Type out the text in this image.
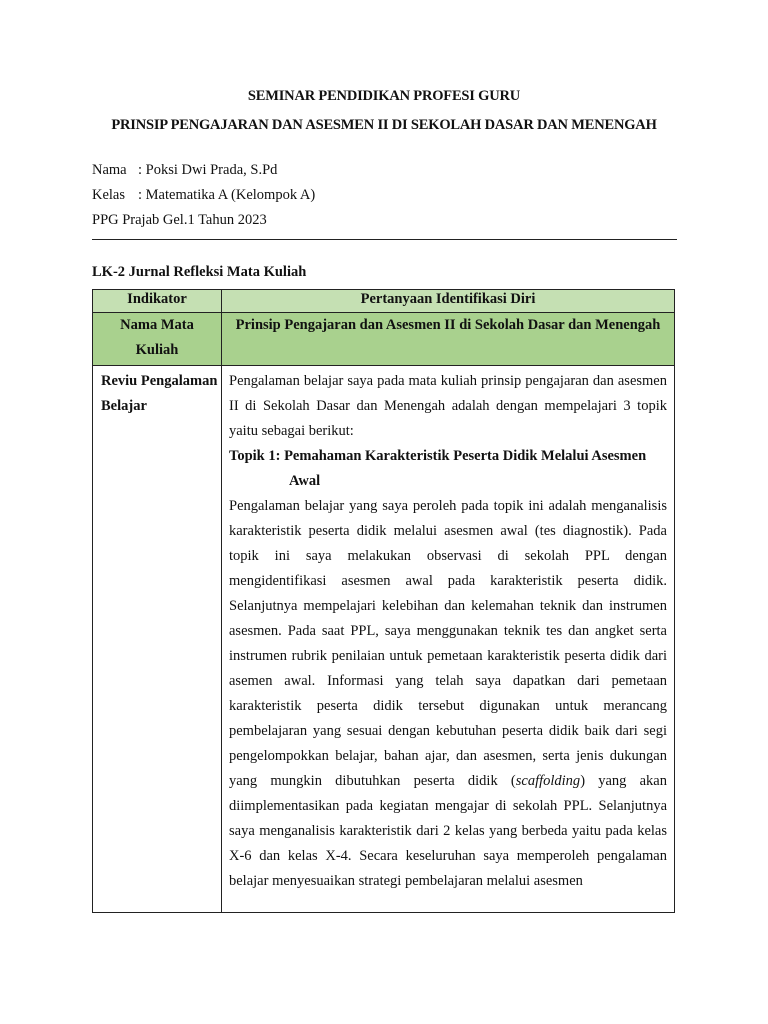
SEMINAR PENDIDIKAN PROFESI GURU
PRINSIP PENGAJARAN DAN ASESMEN II DI SEKOLAH DASAR DAN MENENGAH
Nama : Poksi Dwi Prada, S.Pd
Kelas : Matematika A (Kelompok A)
PPG Prajab Gel.1 Tahun 2023
LK-2 Jurnal Refleksi Mata Kuliah
Indikator	Pertanyaan Identifikasi Diri
Nama Mata Kuliah	Prinsip Pengajaran dan Asesmen II di Sekolah Dasar dan Menengah
Reviu Pengalaman Belajar	Pengalaman belajar saya pada mata kuliah prinsip pengajaran dan asesmen II di Sekolah Dasar dan Menengah adalah dengan mempelajari 3 topik yaitu sebagai berikut:
Topik 1: Pemahaman Karakteristik Peserta Didik Melalui Asesmen
Awal
Pengalaman belajar yang saya peroleh pada topik ini adalah menganalisis karakteristik peserta didik melalui asesmen awal (tes diagnostik). Pada topik ini saya melakukan observasi di sekolah PPL dengan mengidentifikasi asesmen awal pada karakteristik peserta didik. Selanjutnya mempelajari kelebihan dan kelemahan teknik dan instrumen asesmen. Pada saat PPL, saya menggunakan teknik tes dan angket serta instrumen rubrik penilaian untuk pemetaan karakteristik peserta didik dari asemen awal. Informasi yang telah saya dapatkan dari pemetaan karakteristik peserta didik tersebut digunakan untuk merancang pembelajaran yang sesuai dengan kebutuhan peserta didik baik dari segi pengelompokkan belajar, bahan ajar, dan asesmen, serta jenis dukungan yang mungkin dibutuhkan peserta didik (scaffolding) yang akan diimplementasikan pada kegiatan mengajar di sekolah PPL. Selanjutnya saya menganalisis karakteristik dari 2 kelas yang berbeda yaitu pada kelas X-6 dan kelas X-4. Secara keseluruhan saya memperoleh pengalaman belajar menyesuaikan strategi pembelajaran melalui asesmen
